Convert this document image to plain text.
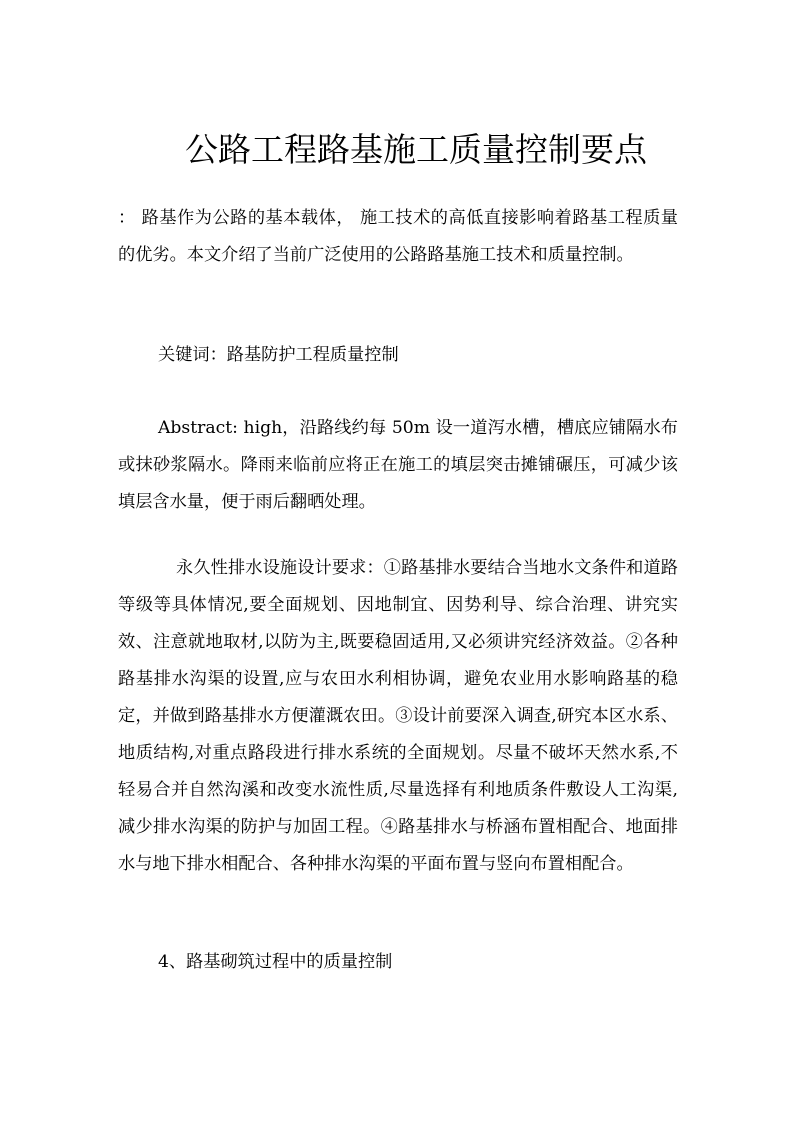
公路工程路基施工质量控制要点

： 路基作为公路的基本载体， 施工技术的高低直接影响着路基工程质量的优劣。本文介绍了当前广泛使用的公路路基施工技术和质量控制。

关键词：路基防护工程质量控制

Abstract: high，沿路线约每 50m 设一道泻水槽，槽底应铺隔水布或抹砂浆隔水。降雨来临前应将正在施工的填层突击摊铺碾压，可减少该填层含水量，便于雨后翻晒处理。

永久性排水设施设计要求：①路基排水要结合当地水文条件和道路等级等具体情况,要全面规划、因地制宜、因势利导、综合治理、讲究实效、注意就地取材,以防为主,既要稳固适用,又必须讲究经济效益。②各种路基排水沟渠的设置,应与农田水利相协调，避免农业用水影响路基的稳定，并做到路基排水方便灌溉农田。③设计前要深入调查,研究本区水系、地质结构,对重点路段进行排水系统的全面规划。尽量不破坏天然水系,不轻易合并自然沟溪和改变水流性质,尽量选择有利地质条件敷设人工沟渠,减少排水沟渠的防护与加固工程。④路基排水与桥涵布置相配合、地面排水与地下排水相配合、各种排水沟渠的平面布置与竖向布置相配合。

4、路基砌筑过程中的质量控制
